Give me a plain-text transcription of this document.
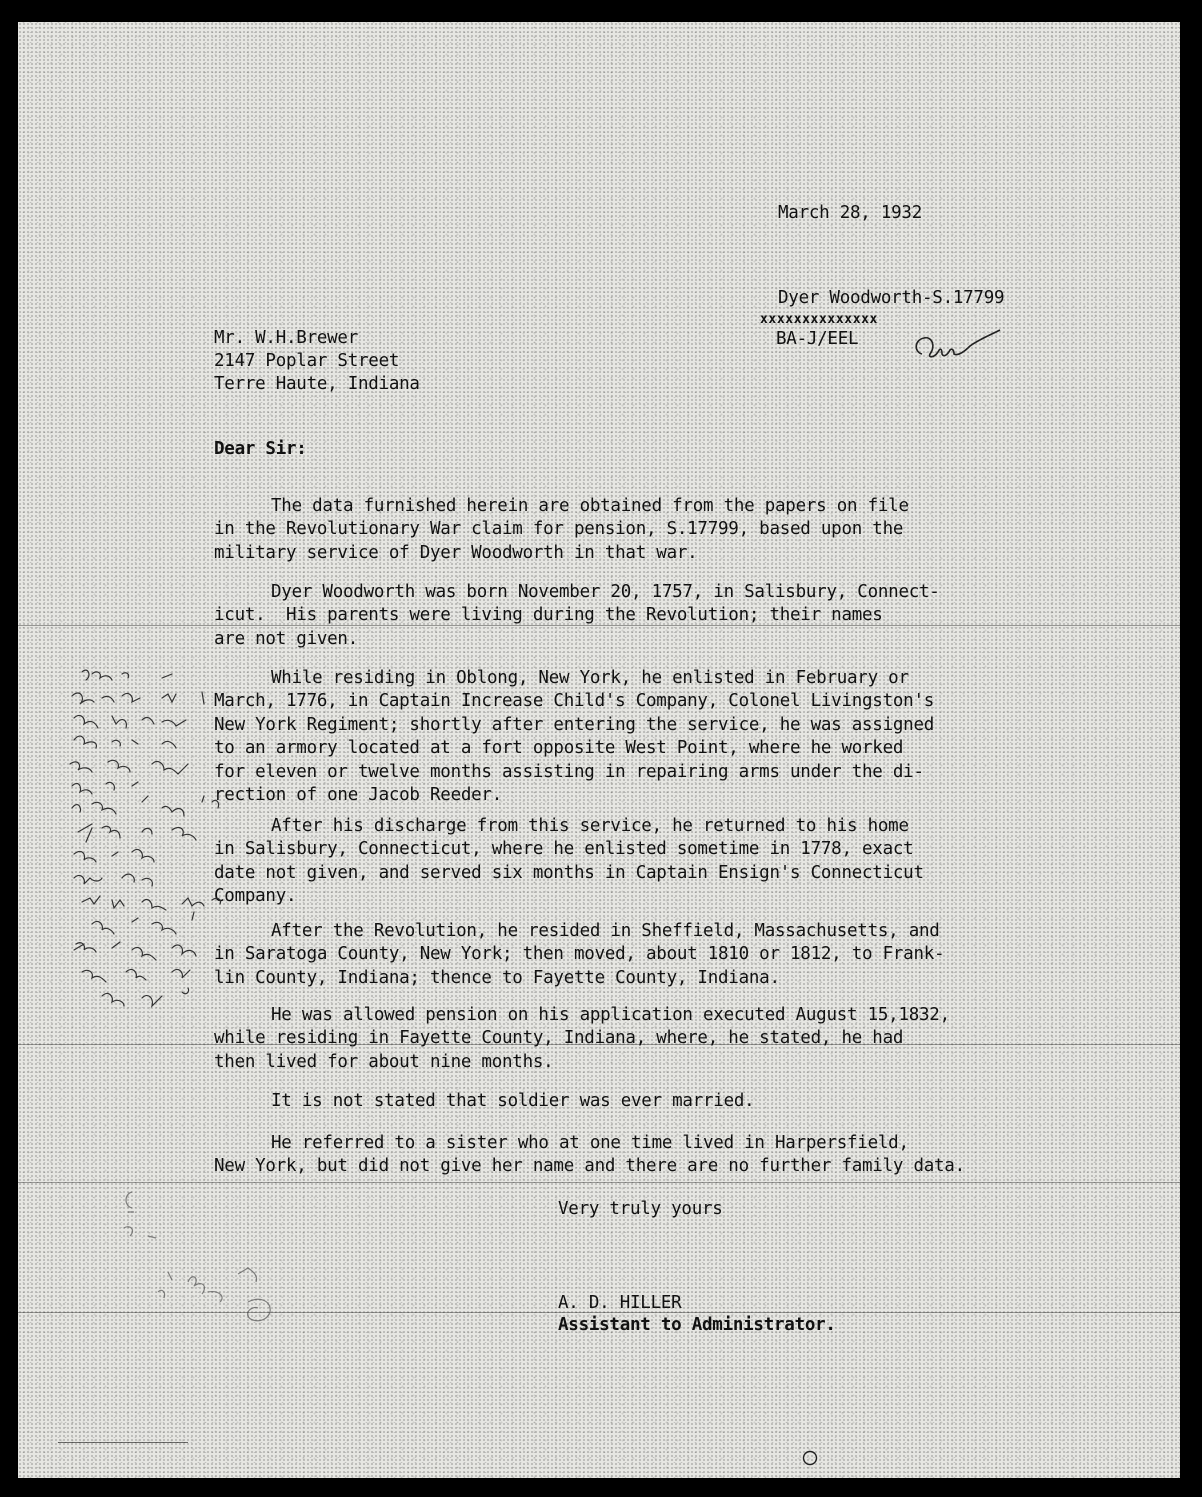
March 28, 1932

Dyer Woodworth-S.17799

xxxxxxxxxxxxxx

BA-J/EEL

Mr. W.H.Brewer

2147 Poplar Street

Terre Haute, Indiana

Dear Sir:

The data furnished herein are obtained from the papers on file
in the Revolutionary War claim for pension, S.17799, based upon the
military service of Dyer Woodworth in that war.
Dyer Woodworth was born November 20, 1757, in Salisbury, Connect-
icut.  His parents were living during the Revolution; their names
are not given.
While residing in Oblong, New York, he enlisted in February or
March, 1776, in Captain Increase Child's Company, Colonel Livingston's
New York Regiment; shortly after entering the service, he was assigned
to an armory located at a fort opposite West Point, where he worked
for eleven or twelve months assisting in repairing arms under the di-
rection of one Jacob Reeder.
After his discharge from this service, he returned to his home
in Salisbury, Connecticut, where he enlisted sometime in 1778, exact
date not given, and served six months in Captain Ensign's Connecticut
Company.
After the Revolution, he resided in Sheffield, Massachusetts, and
in Saratoga County, New York; then moved, about 1810 or 1812, to Frank-
lin County, Indiana; thence to Fayette County, Indiana.
He was allowed pension on his application executed August 15,1832,
while residing in Fayette County, Indiana, where, he stated, he had
then lived for about nine months.
It is not stated that soldier was ever married.
He referred to a sister who at one time lived in Harpersfield,
New York, but did not give her name and there are no further family data.

Very truly yours

A. D. HILLER

Assistant to Administrator.
